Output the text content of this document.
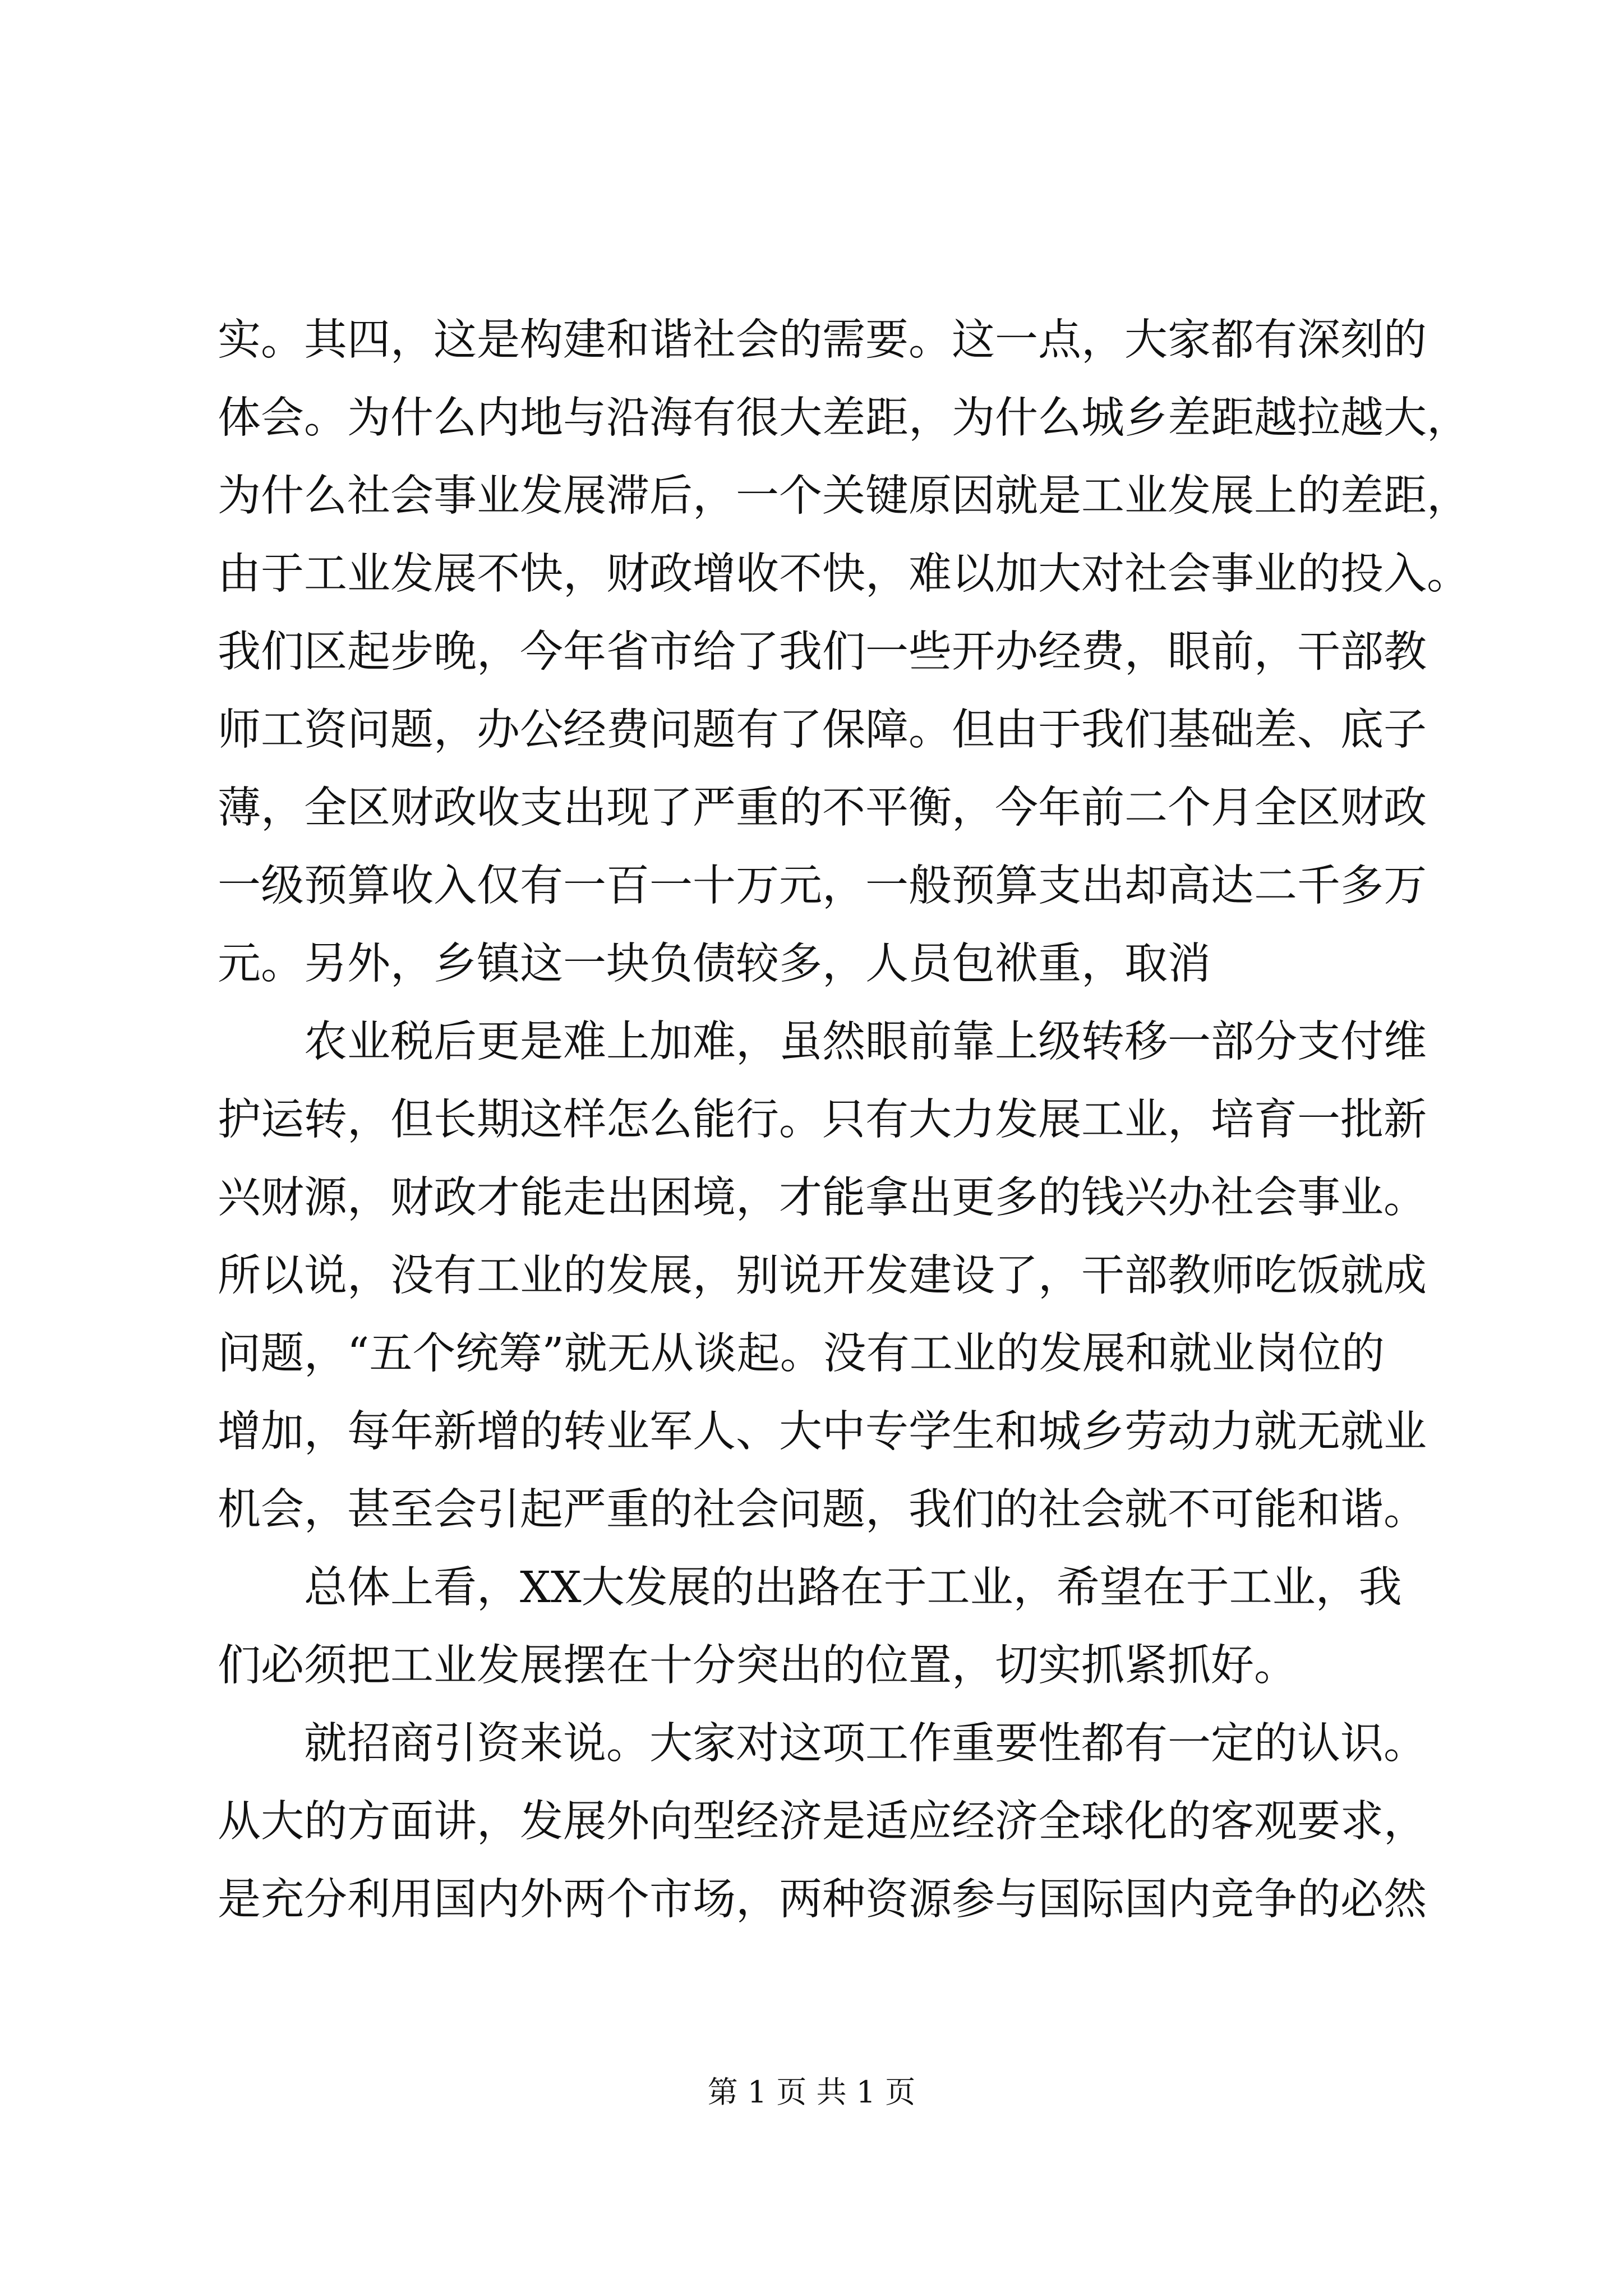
实。其四，这是构建和谐社会的需要。这一点，大家都有深刻的
体会。为什么内地与沿海有很大差距，为什么城乡差距越拉越大，
为什么社会事业发展滞后，一个关键原因就是工业发展上的差距，
由于工业发展不快，财政增收不快，难以加大对社会事业的投入。
我们区起步晚，今年省市给了我们一些开办经费，眼前，干部教
师工资问题，办公经费问题有了保障。但由于我们基础差、底子
薄，全区财政收支出现了严重的不平衡，今年前二个月全区财政
一级预算收入仅有一百一十万元，一般预算支出却高达二千多万
元。另外，乡镇这一块负债较多，人员包袱重，取消
　　农业税后更是难上加难，虽然眼前靠上级转移一部分支付维
护运转，但长期这样怎么能行。只有大力发展工业，培育一批新
兴财源，财政才能走出困境，才能拿出更多的钱兴办社会事业。
所以说，没有工业的发展，别说开发建设了，干部教师吃饭就成
问题，“五个统筹”就无从谈起。没有工业的发展和就业岗位的
增加，每年新增的转业军人、大中专学生和城乡劳动力就无就业
机会，甚至会引起严重的社会问题，我们的社会就不可能和谐。
　　总体上看，XX大发展的出路在于工业，希望在于工业，我
们必须把工业发展摆在十分突出的位置，切实抓紧抓好。
　　就招商引资来说。大家对这项工作重要性都有一定的认识。
从大的方面讲，发展外向型经济是适应经济全球化的客观要求，
是充分利用国内外两个市场，两种资源参与国际国内竞争的必然
第 1 页 共 1 页
